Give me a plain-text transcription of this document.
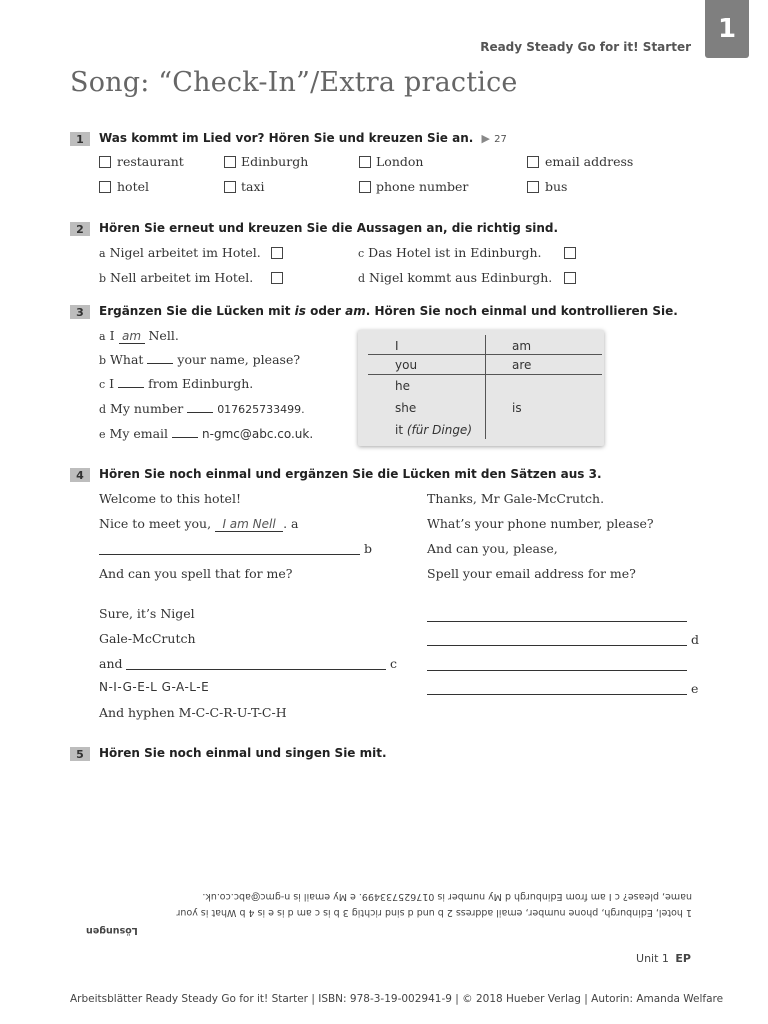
1
Ready Steady Go for it! Starter
Song: “Check-In”/Extra practice
1	Was kommt im Lied vor? Hören Sie und kreuzen Sie an. ▶ 27
restaurant	Edinburgh	London	email address
hotel	taxi	phone number	bus
2	Hören Sie erneut und kreuzen Sie die Aussagen an, die richtig sind.
a Nigel arbeitet im Hotel.
b Nell arbeitet im Hotel.
c Das Hotel ist in Edinburgh.
d Nigel kommt aus Edinburgh.
3	Ergänzen Sie die Lücken mit is oder am. Hören Sie noch einmal und kontrollieren Sie.
a I am Nell.
b What	your name, please?
c I	from Edinburgh.
d My number	017625733499.
e My email	n-gmc@abc.co.uk.
I	am
you	are
he
she	is
it (für Dinge)
4	Hören Sie noch einmal und ergänzen Sie die Lücken mit den Sätzen aus 3.
Welcome to this hotel!
Nice to meet you, I am Nell . a
b
And can you spell that for me?
Sure, it’s Nigel
Gale-McCrutch
and	c
N-I-G-E-L G-A-L-E
And hyphen M-C-C-R-U-T-C-H
Thanks, Mr Gale-McCrutch.
What’s your phone number, please?
And can you, please,
Spell your email address for me?
d
e
5	Hören Sie noch einmal und singen Sie mit.
name, please? c I am from Edinburgh d My number is 017625733499. e My email is n-gmc@abc.co.uk.
1 hotel, Edinburgh, phone number, email address 2 b und d sind richtig 3 b is c am d is e is 4 b What is your
Lösungen
Unit 1 EP
Arbeitsblätter Ready Steady Go for it! Starter | ISBN: 978-3-19-002941-9 | © 2018 Hueber Verlag | Autorin: Amanda Welfare
